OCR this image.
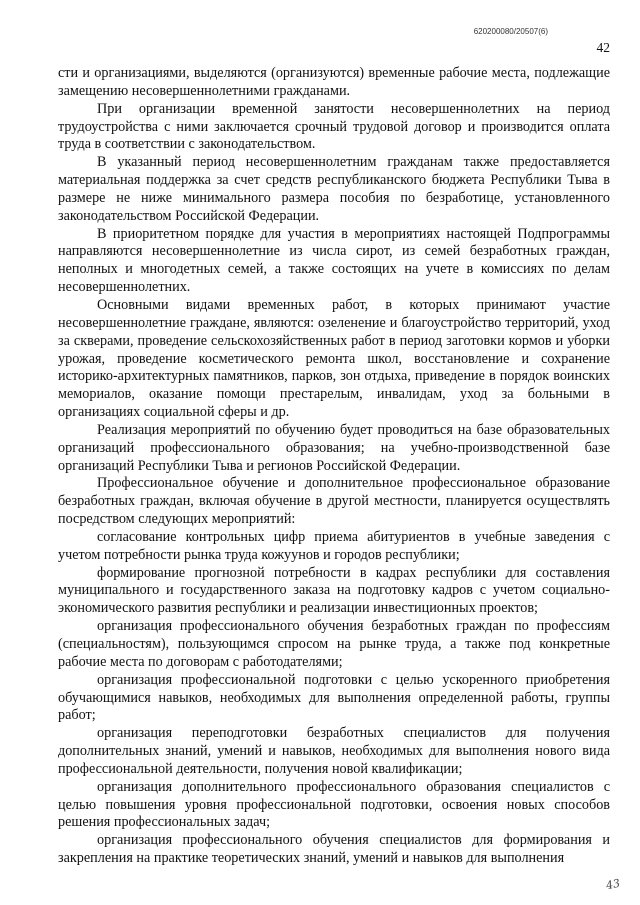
620200080/20507(6)
42

сти и организациями, выделяются (организуются) временные рабочие места, подлежащие замещению несовершеннолетними гражданами.

При организации временной занятости несовершеннолетних на период трудоустройства с ними заключается срочный трудовой договор и производится оплата труда в соответствии с законодательством.

В указанный период несовершеннолетним гражданам также предоставляется материальная поддержка за счет средств республиканского бюджета Республики Тыва в размере не ниже минимального размера пособия по безработице, установленного законодательством Российской Федерации.

В приоритетном порядке для участия в мероприятиях настоящей Подпрограммы направляются несовершеннолетние из числа сирот, из семей безработных граждан, неполных и многодетных семей, а также состоящих на учете в комиссиях по делам несовершеннолетних.

Основными видами временных работ, в которых принимают участие несовершеннолетние граждане, являются: озеленение и благоустройство территорий, уход за скверами, проведение сельскохозяйственных работ в период заготовки кормов и уборки урожая, проведение косметического ремонта школ, восстановление и сохранение историко-архитектурных памятников, парков, зон отдыха, приведение в порядок воинских мемориалов, оказание помощи престарелым, инвалидам, уход за больными в организациях социальной сферы и др.

Реализация мероприятий по обучению будет проводиться на базе образовательных организаций профессионального образования; на учебно-производственной базе организаций Республики Тыва и регионов Российской Федерации.

Профессиональное обучение и дополнительное профессиональное образование безработных граждан, включая обучение в другой местности, планируется осуществлять посредством следующих мероприятий:

согласование контрольных цифр приема абитуриентов в учебные заведения с учетом потребности рынка труда кожуунов и городов республики;

формирование прогнозной потребности в кадрах республики для составления муниципального и государственного заказа на подготовку кадров с учетом социально-экономического развития республики и реализации инвестиционных проектов;

организация профессионального обучения безработных граждан по профессиям (специальностям), пользующимся спросом на рынке труда, а также под конкретные рабочие места по договорам с работодателями;

организация профессиональной подготовки с целью ускоренного приобретения обучающимися навыков, необходимых для выполнения определенной работы, группы работ;

организация переподготовки безработных специалистов для получения дополнительных знаний, умений и навыков, необходимых для выполнения нового вида профессиональной деятельности, получения новой квалификации;

организация дополнительного профессионального образования специалистов с целью повышения уровня профессиональной подготовки, освоения новых способов решения профессиональных задач;

организация профессионального обучения специалистов для формирования и закрепления на практике теоретических знаний, умений и навыков для выполнения

43
